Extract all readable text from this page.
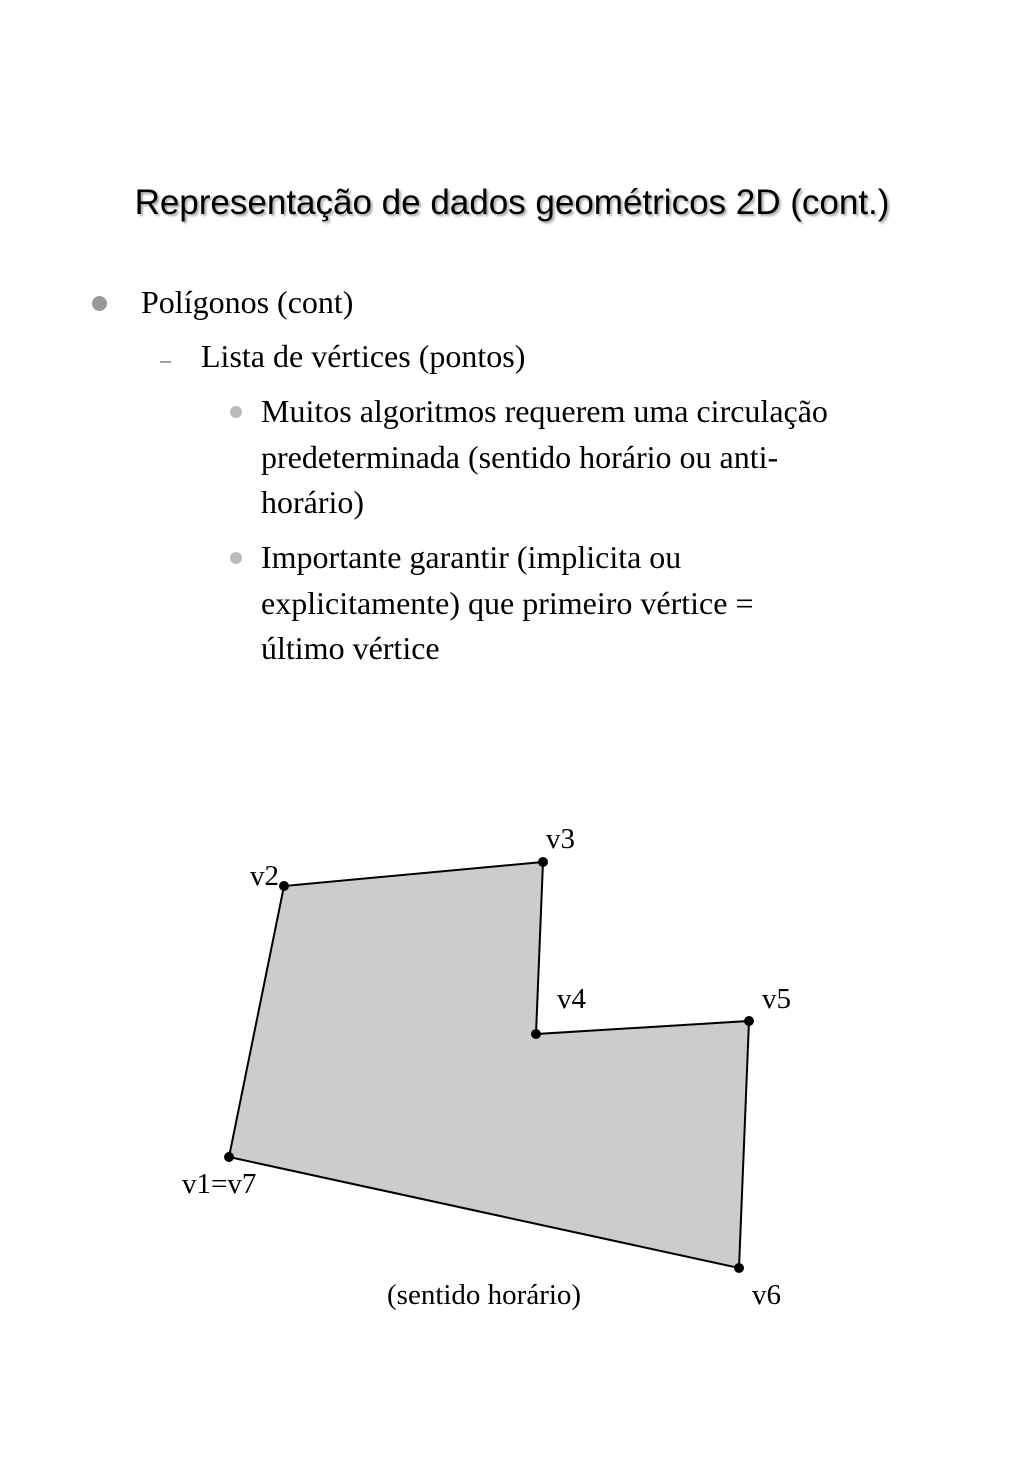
Representação de dados geométricos 2D (cont.)
Polígonos (cont)
– Lista de vértices (pontos)
Muitos algoritmos requerem uma circulação
predeterminada (sentido horário ou anti-
horário)
Importante garantir (implicita ou
explicitamente) que primeiro vértice =
último vértice
v1=v7
v2
v3
v4	v5
v6
(sentido horário)
